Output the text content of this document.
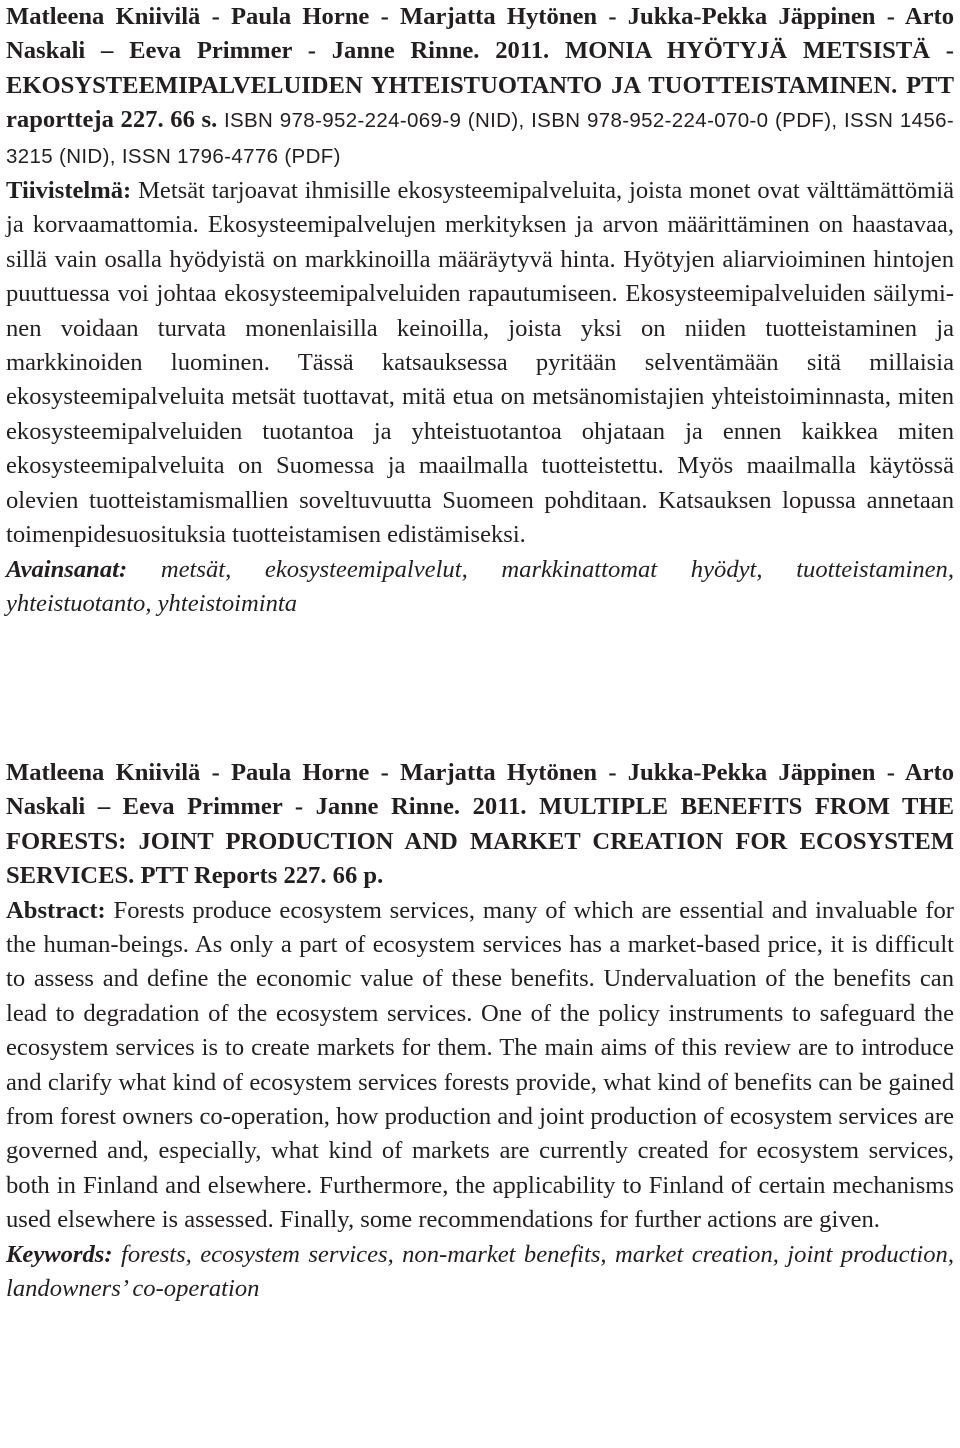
Matleena Kniivilä - Paula Horne - Marjatta Hytönen - Jukka-Pekka Jäppinen - Arto Naskali – Eeva Primmer - Janne Rinne. 2011. MONIA HYÖTYJÄ METSISTÄ - EKOSYSTEEMIPALVELUIDEN YHTEISTUOTANTO JA TUOTTEISTAMINEN. PTT raportteja 227. 66 s. ISBN 978-952-224-069-9 (NID), ISBN 978-952-224-070-0 (PDF), ISSN 1456-3215 (NID), ISSN 1796-4776 (PDF)
Tiivistelmä: Metsät tarjoavat ihmisille ekosysteemipalveluita, joista monet ovat välttämättömiä ja korvaamattomia. Ekosysteemipalvelujen merkityksen ja arvon määrittäminen on haastavaa, sillä vain osalla hyödyistä on markkinoilla määräytyvä hinta. Hyötyjen aliarvioiminen hintojen puuttuessa voi johtaa ekosysteemipalveluiden rapautumiseen. Ekosysteemipalveluiden säilyminen voidaan turvata monenlaisilla keinoilla, joista yksi on niiden tuotteistaminen ja markkinoiden luominen. Tässä katsauksessa pyritään selventämään sitä millaisia ekosysteemipalveluita metsät tuottavat, mitä etua on metsänomistajien yhteistoiminnasta, miten ekosysteemipalveluiden tuotantoa ja yhteistuotantoa ohjataan ja ennen kaikkea miten ekosysteemipalveluita on Suomessa ja maailmalla tuotteistettu. Myös maailmalla käytössä olevien tuotteistamismallien soveltuvuutta Suomeen pohditaan. Katsauksen lopussa annetaan toimenpidesuosituksia tuotteistamisen edistämiseksi.
Avainsanat: metsät, ekosysteemipalvelut, markkinattomat hyödyt, tuotteistaminen, yhteistuotanto, yhteistoiminta
Matleena Kniivilä - Paula Horne - Marjatta Hytönen - Jukka-Pekka Jäppinen - Arto Naskali – Eeva Primmer - Janne Rinne. 2011. MULTIPLE BENEFITS FROM THE FORESTS: JOINT PRODUCTION AND MARKET CREATION FOR ECOSYSTEM SERVICES. PTT Reports 227. 66 p.
Abstract: Forests produce ecosystem services, many of which are essential and invaluable for the human-beings. As only a part of ecosystem services has a market-based price, it is difficult to assess and define the economic value of these benefits. Undervaluation of the benefits can lead to degradation of the ecosystem services. One of the policy instruments to safeguard the ecosystem services is to create markets for them. The main aims of this review are to introduce and clarify what kind of ecosystem services forests provide, what kind of benefits can be gained from forest owners co-operation, how production and joint production of ecosystem services are governed and, especially, what kind of markets are currently created for ecosystem services, both in Finland and elsewhere. Furthermore, the applicability to Finland of certain mechanisms used elsewhere is assessed. Finally, some recommendations for further actions are given.
Keywords: forests, ecosystem services, non-market benefits, market creation, joint production, landowners’ co-operation
